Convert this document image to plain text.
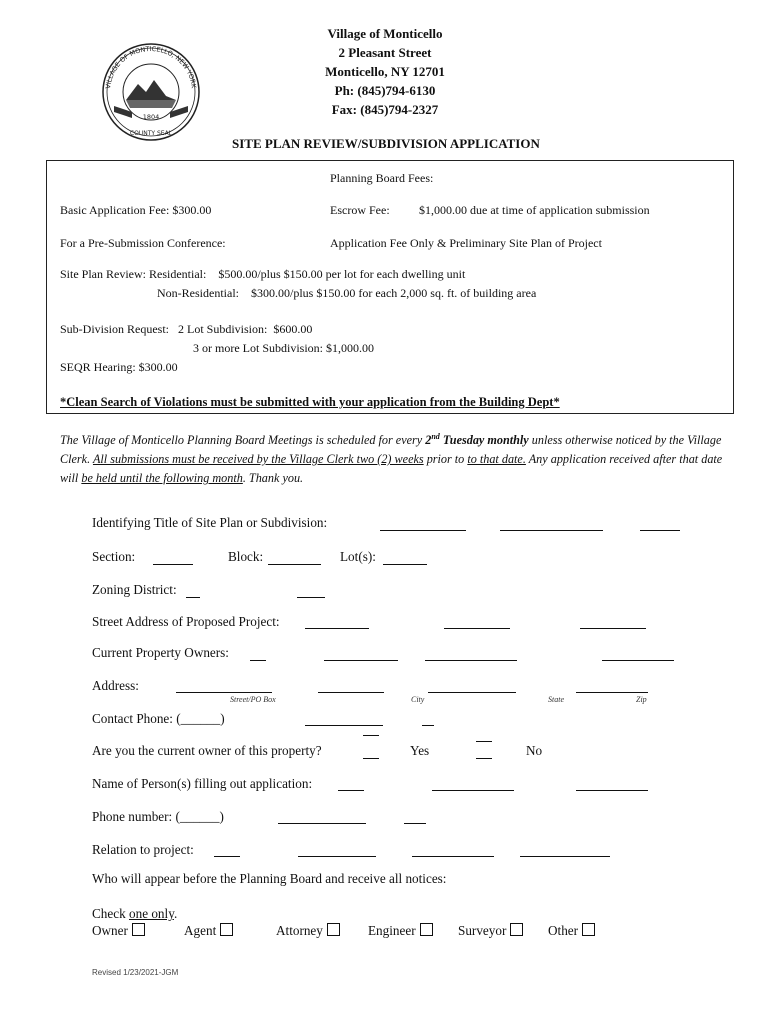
Village of Monticello
2 Pleasant Street
Monticello, NY 12701
Ph: (845)794-6130
Fax: (845)794-2327
VILLAGE OF MONTICELLO, NEW YORK
1804
COUNTY SEAL
SITE PLAN REVIEW/SUBDIVISION APPLICATION
Planning Board Fees:
Basic Application Fee: $300.00	Escrow Fee: $1,000.00 due at time of application submission
For a Pre-Submission Conference:	Application Fee Only & Preliminary Site Plan of Project
Site Plan Review: Residential:    $500.00/plus $150.00 per lot for each dwelling unit
Non-Residential:    $300.00/plus $150.00 for each 2,000 sq. ft. of building area
Sub-Division Request:   2 Lot Subdivision:  $600.00
3 or more Lot Subdivision: $1,000.00
SEQR Hearing: $300.00
*Clean Search of Violations must be submitted with your application from the Building Dept*
The Village of Monticello Planning Board Meetings is scheduled for every 2nd Tuesday monthly unless otherwise noticed by the Village Clerk. All submissions must be received by the Village Clerk two (2) weeks prior to to that date. Any application received after that date will be held until the following month. Thank you.
Identifying Title of Site Plan or Subdivision:
Section:	Block:	Lot(s):
Zoning District:
Street Address of Proposed Project:
Current Property Owners:
Address:
Street/PO Box	City	State	Zip
Contact Phone: (______)
Are you the current owner of this property?	Yes	No
Name of Person(s) filling out application:
Phone number: (______)
Relation to project:
Who will appear before the Planning Board and receive all notices:
Check one only.
Owner	Agent	Attorney	Engineer	Surveyor	Other
Revised 1/23/2021-JGM
